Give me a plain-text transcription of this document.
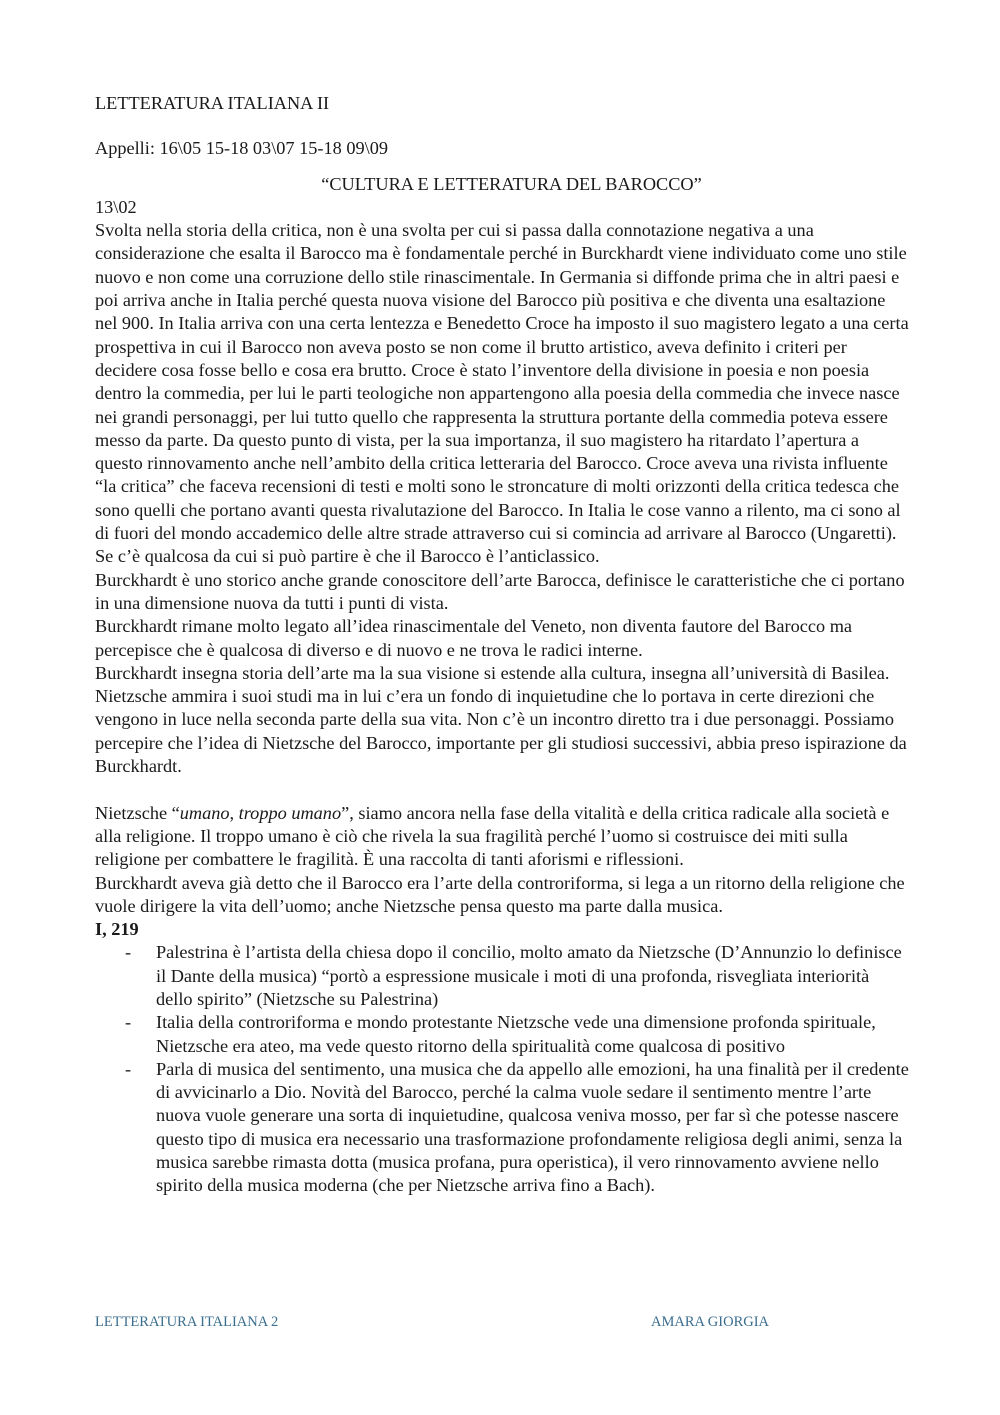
LETTERATURA ITALIANA II

Appelli: 16\05 15-18 03\07 15-18 09\09

“CULTURA E LETTERATURA DEL BAROCCO”

13\02

Svolta nella storia della critica, non è una svolta per cui si passa dalla connotazione negativa a una considerazione che esalta il Barocco ma è fondamentale perché in Burckhardt viene individuato come uno stile nuovo e non come una corruzione dello stile rinascimentale. In Germania si diffonde prima che in altri paesi e poi arriva anche in Italia perché questa nuova visione del Barocco più positiva e che diventa una esaltazione nel 900. In Italia arriva con una certa lentezza e Benedetto Croce ha imposto il suo magistero legato a una certa prospettiva in cui il Barocco non aveva posto se non come il brutto artistico, aveva definito i criteri per decidere cosa fosse bello e cosa era brutto. Croce è stato l’inventore della divisione in poesia e non poesia dentro la commedia, per lui le parti teologiche non appartengono alla poesia della commedia che invece nasce nei grandi personaggi, per lui tutto quello che rappresenta la struttura portante della commedia poteva essere messo da parte. Da questo punto di vista, per la sua importanza, il suo magistero ha ritardato l’apertura a questo rinnovamento anche nell’ambito della critica letteraria del Barocco. Croce aveva una rivista influente “la critica” che faceva recensioni di testi e molti sono le stroncature di molti orizzonti della critica tedesca che sono quelli che portano avanti questa rivalutazione del Barocco. In Italia le cose vanno a rilento, ma ci sono al di fuori del mondo accademico delle altre strade attraverso cui si comincia ad arrivare al Barocco (Ungaretti).

Se c’è qualcosa da cui si può partire è che il Barocco è l’anticlassico.

Burckhardt è uno storico anche grande conoscitore dell’arte Barocca, definisce le caratteristiche che ci portano in una dimensione nuova da tutti i punti di vista.

Burckhardt rimane molto legato all’idea rinascimentale del Veneto, non diventa fautore del Barocco ma percepisce che è qualcosa di diverso e di nuovo e ne trova le radici interne.

Burckhardt insegna storia dell’arte ma la sua visione si estende alla cultura, insegna all’università di Basilea. Nietzsche ammira i suoi studi ma in lui c’era un fondo di inquietudine che lo portava in certe direzioni che vengono in luce nella seconda parte della sua vita. Non c’è un incontro diretto tra i due personaggi. Possiamo percepire che l’idea di Nietzsche del Barocco, importante per gli studiosi successivi, abbia preso ispirazione da Burckhardt.

Nietzsche “umano, troppo umano”, siamo ancora nella fase della vitalità e della critica radicale alla società e alla religione. Il troppo umano è ciò che rivela la sua fragilità perché l’uomo si costruisce dei miti sulla religione per combattere le fragilità. È una raccolta di tanti aforismi e riflessioni.

Burckhardt aveva già detto che il Barocco era l’arte della controriforma, si lega a un ritorno della religione che vuole dirigere la vita dell’uomo; anche Nietzsche pensa questo ma parte dalla musica.

I, 219

- Palestrina è l’artista della chiesa dopo il concilio, molto amato da Nietzsche (D’Annunzio lo definisce il Dante della musica) “portò a espressione musicale i moti di una profonda, risvegliata interiorità dello spirito” (Nietzsche su Palestrina)
- Italia della controriforma e mondo protestante Nietzsche vede una dimensione profonda spirituale, Nietzsche era ateo, ma vede questo ritorno della spiritualità come qualcosa di positivo
- Parla di musica del sentimento, una musica che da appello alle emozioni, ha una finalità per il credente di avvicinarlo a Dio. Novità del Barocco, perché la calma vuole sedare il sentimento mentre l’arte nuova vuole generare una sorta di inquietudine, qualcosa veniva mosso, per far sì che potesse nascere questo tipo di musica era necessario una trasformazione profondamente religiosa degli animi, senza la musica sarebbe rimasta dotta (musica profana, pura operistica), il vero rinnovamento avviene nello spirito della musica moderna (che per Nietzsche arriva fino a Bach).
LETTERATURA ITALIANA 2	AMARA GIORGIA
